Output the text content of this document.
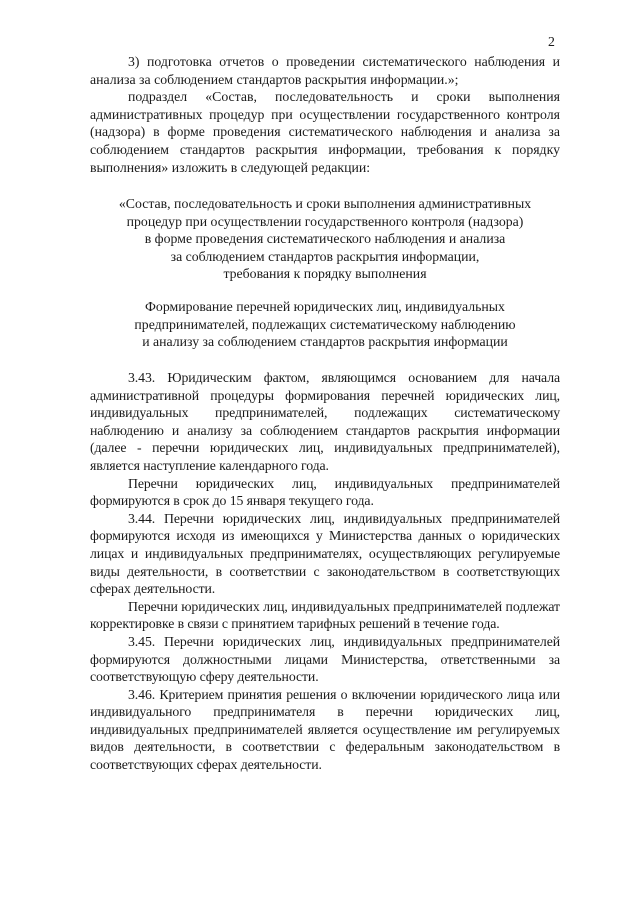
2

3) подготовка отчетов о проведении систематического наблюдения и анализа за соблюдением стандартов раскрытия информации.»;

подраздел «Состав, последовательность и сроки выполнения административных процедур при осуществлении государственного контроля (надзора) в форме проведения систематического наблюдения и анализа за соблюдением стандартов раскрытия информации, требования к порядку выполнения» изложить в следующей редакции:

«Состав, последовательность и сроки выполнения административных

процедур при осуществлении государственного контроля (надзора)

в форме проведения систематического наблюдения и анализа

за соблюдением стандартов раскрытия информации,

требования к порядку выполнения

Формирование перечней юридических лиц, индивидуальных

предпринимателей, подлежащих систематическому наблюдению

и анализу за соблюдением стандартов раскрытия информации

3.43. Юридическим фактом, являющимся основанием для начала административной процедуры формирования перечней юридических лиц, индивидуальных предпринимателей, подлежащих систематическому наблюдению и анализу за соблюдением стандартов раскрытия информации (далее - перечни юридических лиц, индивидуальных предпринимателей), является наступление календарного года.

Перечни юридических лиц, индивидуальных предпринимателей формируются в срок до 15 января текущего года.

3.44. Перечни юридических лиц, индивидуальных предпринимателей формируются исходя из имеющихся у Министерства данных о юридических лицах и индивидуальных предпринимателях, осуществляющих регулируемые виды деятельности, в соответствии с законодательством в соответствующих сферах деятельности.

Перечни юридических лиц, индивидуальных предпринимателей подлежат корректировке в связи с принятием тарифных решений в течение года.

3.45. Перечни юридических лиц, индивидуальных предпринимателей формируются должностными лицами Министерства, ответственными за соответствующую сферу деятельности.

3.46. Критерием принятия решения о включении юридического лица или индивидуального предпринимателя в перечни юридических лиц, индивидуальных предпринимателей является осуществление им регулируемых видов деятельности, в соответствии с федеральным законодательством в соответствующих сферах деятельности.
